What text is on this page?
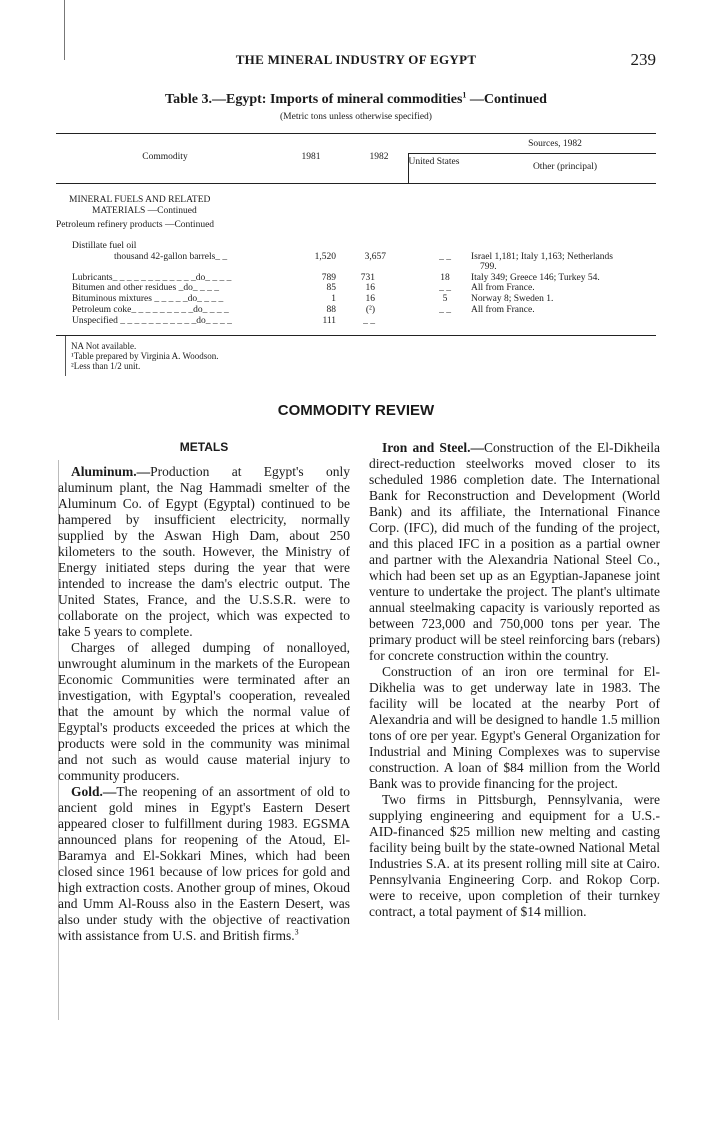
THE MINERAL INDUSTRY OF EGYPT	239
Table 3.—Egypt: Imports of mineral commodities$^1$ —Continued
(Metric tons unless otherwise specified)
Commodity	1981	1982
Sources, 1982
United States	Other (principal)
MINERAL FUELS AND RELATED
MATERIALS —Continued
Petroleum refinery products —Continued
Distillate fuel oil
thousand 42-gallon barrels_ _	1,520	3,657	_ _	Israel 1,181; Italy 1,163; Netherlands
799.
Lubricants_ _ _ _ _ _ _ _ _ _ _ _do_ _ _ _	789	731	18	Italy 349; Greece 146; Turkey 54.
Bitumen and other residues _do_ _ _ _	85	16	_ _	All from France.
Bituminous mixtures _ _ _ _ _do_ _ _ _	1	16	5	Norway 8; Sweden 1.
Petroleum coke_ _ _ _ _ _ _ _ _do_ _ _ _	88	(²)	_ _	All from France.
Unspecified _ _ _ _ _ _ _ _ _ _ _do_ _ _ _	111	_ _
NA Not available.
¹Table prepared by Virginia A. Woodson.
²Less than 1/2 unit.
COMMODITY REVIEW
METALS

Aluminum.—Production at Egypt's only aluminum plant, the Nag Hammadi smelter of the Aluminum Co. of Egypt (Egyptal) continued to be hampered by insufficient electricity, normally supplied by the Aswan High Dam, about 250 kilometers to the south. However, the Ministry of Energy initiated steps during the year that were intended to increase the dam's electric output. The United States, France, and the U.S.S.R. were to collaborate on the project, which was expected to take 5 years to complete.

Charges of alleged dumping of nonalloyed, unwrought aluminum in the markets of the European Economic Communities were terminated after an investigation, with Egyptal's cooperation, revealed that the amount by which the normal value of Egyptal's products exceeded the prices at which the products were sold in the community was minimal and not such as would cause material injury to community producers.

Gold.—The reopening of an assortment of old to ancient gold mines in Egypt's Eastern Desert appeared closer to fulfillment during 1983. EGSMA announced plans for reopening of the Atoud, El-Baramya and El-Sokkari Mines, which had been closed since 1961 because of low prices for gold and high extraction costs. Another group of mines, Okoud and Umm Al-Rouss also in the Eastern Desert, was also under study with the objective of reactivation with assistance from U.S. and British firms.$^3$

Iron and Steel.—Construction of the El-Dikheila direct-reduction steelworks moved closer to its scheduled 1986 completion date. The International Bank for Reconstruction and Development (World Bank) and its affiliate, the International Finance Corp. (IFC), did much of the funding of the project, and this placed IFC in a position as a partial owner and partner with the Alexandria National Steel Co., which had been set up as an Egyptian-Japanese joint venture to undertake the project. The plant's ultimate annual steelmaking capacity is variously reported as between 723,000 and 750,000 tons per year. The primary product will be steel reinforcing bars (rebars) for concrete construction within the country.

Construction of an iron ore terminal for El-Dikhelia was to get underway late in 1983. The facility will be located at the nearby Port of Alexandria and will be designed to handle 1.5 million tons of ore per year. Egypt's General Organization for Industrial and Mining Complexes was to supervise construction. A loan of $84 million from the World Bank was to provide financing for the project.

Two firms in Pittsburgh, Pennsylvania, were supplying engineering and equipment for a U.S.-AID-financed $25 million new melting and casting facility being built by the state-owned National Metal Industries S.A. at its present rolling mill site at Cairo. Pennsylvania Engineering Corp. and Rokop Corp. were to receive, upon completion of their turnkey contract, a total payment of $14 million.
